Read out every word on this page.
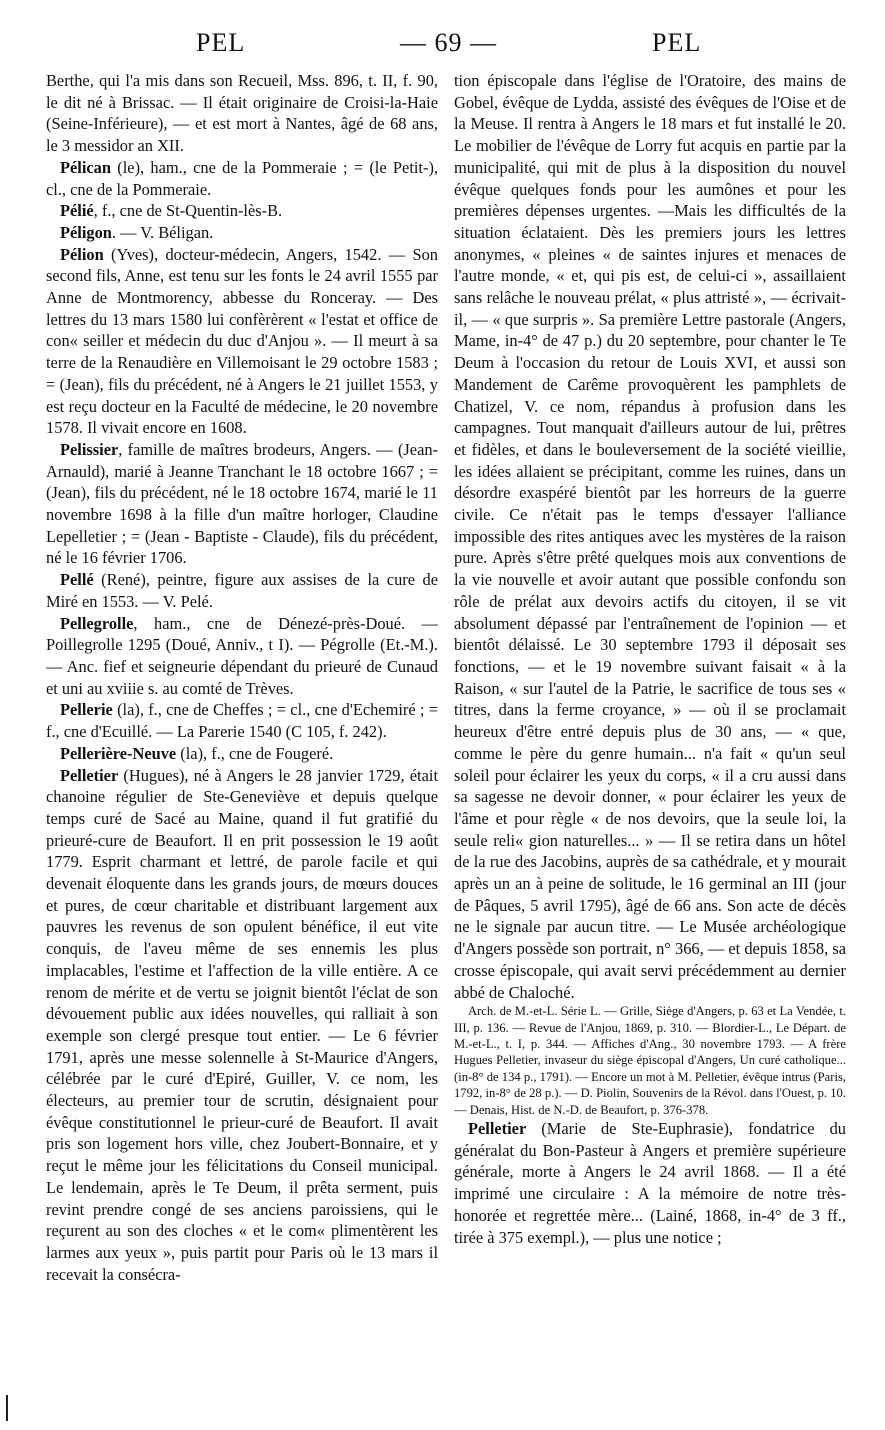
PEL	— 69 —	PEL

Berthe, qui l'a mis dans son Recueil, Mss. 896, t. II, f. 90, le dit né à Brissac. — Il était originaire de Croisi-la-Haie (Seine-Inférieure), — et est mort à Nantes, âgé de 68 ans, le 3 messidor an XII.

Pélican (le), ham., cne de la Pommeraie ; = (le Petit-), cl., cne de la Pommeraie.

Pélié, f., cne de St-Quentin-lès-B.

Péligon. — V. Béligan.

Pélion (Yves), docteur-médecin, Angers, 1542. — Son second fils, Anne, est tenu sur les fonts le 24 avril 1555 par Anne de Montmorency, abbesse du Ronceray. — Des lettres du 13 mars 1580 lui confèrèrent « l'estat et office de con« seiller et médecin du duc d'Anjou ». — Il meurt à sa terre de la Renaudière en Villemoisant le 29 octobre 1583 ; = (Jean), fils du précédent, né à Angers le 21 juillet 1553, y est reçu docteur en la Faculté de médecine, le 20 novembre 1578. Il vivait encore en 1608.

Pelissier, famille de maîtres brodeurs, Angers. — (Jean-Arnauld), marié à Jeanne Tranchant le 18 octobre 1667 ; = (Jean), fils du précédent, né le 18 octobre 1674, marié le 11 novembre 1698 à la fille d'un maître horloger, Claudine Lepelletier ; = (Jean - Baptiste - Claude), fils du précédent, né le 16 février 1706.

Pellé (René), peintre, figure aux assises de la cure de Miré en 1553. — V. Pelé.

Pellegrolle, ham., cne de Dénezé-près-Doué. — Poillegrolle 1295 (Doué, Anniv., t I). — Pégrolle (Et.-M.). — Anc. fief et seigneurie dépendant du prieuré de Cunaud et uni au xviiie s. au comté de Trèves.

Pellerie (la), f., cne de Cheffes ; = cl., cne d'Echemiré ; = f., cne d'Ecuillé. — La Parerie 1540 (C 105, f. 242).

Pellerière-Neuve (la), f., cne de Fougeré.

Pelletier (Hugues), né à Angers le 28 janvier 1729, était chanoine régulier de Ste-Geneviève et depuis quelque temps curé de Sacé au Maine, quand il fut gratifié du prieuré-cure de Beaufort. Il en prit possession le 19 août 1779. Esprit charmant et lettré, de parole facile et qui devenait éloquente dans les grands jours, de mœurs douces et pures, de cœur charitable et distribuant largement aux pauvres les revenus de son opulent bénéfice, il eut vite conquis, de l'aveu même de ses ennemis les plus implacables, l'estime et l'affection de la ville entière. A ce renom de mérite et de vertu se joignit bientôt l'éclat de son dévouement public aux idées nouvelles, qui ralliait à son exemple son clergé presque tout entier. — Le 6 février 1791, après une messe solennelle à St-Maurice d'Angers, célébrée par le curé d'Epiré, Guiller, V. ce nom, les électeurs, au premier tour de scrutin, désignaient pour évêque constitutionnel le prieur-curé de Beaufort. Il avait pris son logement hors ville, chez Joubert-Bonnaire, et y reçut le même jour les félicitations du Conseil municipal. Le lendemain, après le Te Deum, il prêta serment, puis revint prendre congé de ses anciens paroissiens, qui le reçurent au son des cloches « et le com« plimentèrent les larmes aux yeux », puis partit pour Paris où le 13 mars il recevait la consécra-

tion épiscopale dans l'église de l'Oratoire, des mains de Gobel, évêque de Lydda, assisté des évêques de l'Oise et de la Meuse. Il rentra à Angers le 18 mars et fut installé le 20. Le mobilier de l'évêque de Lorry fut acquis en partie par la municipalité, qui mit de plus à la disposition du nouvel évêque quelques fonds pour les aumônes et pour les premières dépenses urgentes. —Mais les difficultés de la situation éclataient. Dès les premiers jours les lettres anonymes, « pleines « de saintes injures et menaces de l'autre monde, « et, qui pis est, de celui-ci », assaillaient sans relâche le nouveau prélat, « plus attristé », — écrivait-il, — « que surpris ». Sa première Lettre pastorale (Angers, Mame, in-4° de 47 p.) du 20 septembre, pour chanter le Te Deum à l'occasion du retour de Louis XVI, et aussi son Mandement de Carême provoquèrent les pamphlets de Chatizel, V. ce nom, répandus à profusion dans les campagnes. Tout manquait d'ailleurs autour de lui, prêtres et fidèles, et dans le bouleversement de la société vieillie, les idées allaient se précipitant, comme les ruines, dans un désordre exaspéré bientôt par les horreurs de la guerre civile. Ce n'était pas le temps d'essayer l'alliance impossible des rites antiques avec les mystères de la raison pure. Après s'être prêté quelques mois aux conventions de la vie nouvelle et avoir autant que possible confondu son rôle de prélat aux devoirs actifs du citoyen, il se vit absolument dépassé par l'entraînement de l'opinion — et bientôt délaissé. Le 30 septembre 1793 il déposait ses fonctions, — et le 19 novembre suivant faisait « à la Raison, « sur l'autel de la Patrie, le sacrifice de tous ses « titres, dans la ferme croyance, » — où il se proclamait heureux d'être entré depuis plus de 30 ans, — « que, comme le père du genre humain... n'a fait « qu'un seul soleil pour éclairer les yeux du corps, « il a cru aussi dans sa sagesse ne devoir donner, « pour éclairer les yeux de l'âme et pour règle « de nos devoirs, que la seule loi, la seule reli« gion naturelles... » — Il se retira dans un hôtel de la rue des Jacobins, auprès de sa cathédrale, et y mourait après un an à peine de solitude, le 16 germinal an III (jour de Pâques, 5 avril 1795), âgé de 66 ans. Son acte de décès ne le signale par aucun titre. — Le Musée archéologique d'Angers possède son portrait, n° 366, — et depuis 1858, sa crosse épiscopale, qui avait servi précédemment au dernier abbé de Chaloché.

Arch. de M.-et-L. Série L. — Grille, Siège d'Angers, p. 63 et La Vendée, t. III, p. 136. — Revue de l'Anjou, 1869, p. 310. — Blordier-L., Le Départ. de M.-et-L., t. I, p. 344. — Affiches d'Ang., 30 novembre 1793. — A frère Hugues Pelletier, invaseur du siège épiscopal d'Angers, Un curé catholique... (in-8° de 134 p., 1791). — Encore un mot à M. Pelletier, évêque intrus (Paris, 1792, in-8° de 28 p.). — D. Piolin, Souvenirs de la Révol. dans l'Ouest, p. 10. — Denais, Hist. de N.-D. de Beaufort, p. 376-378.

Pelletier (Marie de Ste-Euphrasie), fondatrice du généralat du Bon-Pasteur à Angers et première supérieure générale, morte à Angers le 24 avril 1868. — Il a été imprimé une circulaire : A la mémoire de notre très-honorée et regrettée mère... (Lainé, 1868, in-4° de 3 ff., tirée à 375 exempl.), — plus une notice ;
